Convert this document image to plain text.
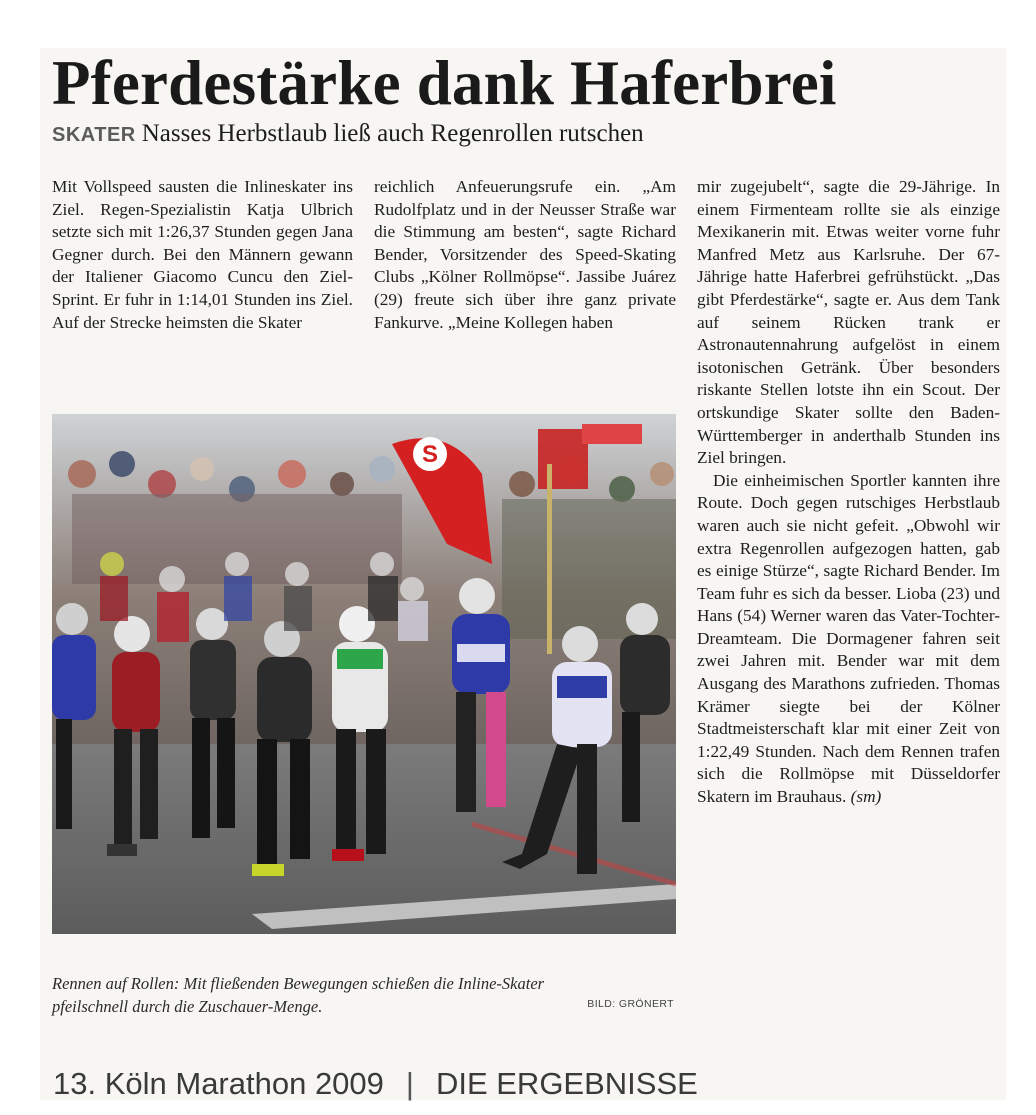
Pferdestärke dank Haferbrei
SKATER Nasses Herbstlaub ließ auch Regenrollen rutschen

Mit Vollspeed sausten die Inlineskater ins Ziel. Regen-Spezialistin Katja Ulbrich setzte sich mit 1:26,37 Stunden gegen Jana Gegner durch. Bei den Männern gewann der Italiener Giacomo Cuncu den Ziel-Sprint. Er fuhr in 1:14,01 Stunden ins Ziel. Auf der Strecke heimsten die Skater

reichlich Anfeuerungsrufe ein. „Am Rudolfplatz und in der Neusser Straße war die Stimmung am besten“, sagte Richard Bender, Vorsitzender des Speed-Skating Clubs „Kölner Rollmöpse“. Jassibe Juárez (29) freute sich über ihre ganz private Fankurve. „Meine Kollegen haben

mir zugejubelt“, sagte die 29-Jährige. In einem Firmenteam rollte sie als einzige Mexikanerin mit. Etwas weiter vorne fuhr Manfred Metz aus Karlsruhe. Der 67-Jährige hatte Haferbrei gefrühstückt. „Das gibt Pferdestärke“, sagte er. Aus dem Tank auf seinem Rücken trank er Astronautennahrung aufgelöst in einem isotonischen Getränk. Über besonders riskante Stellen lotste ihn ein Scout. Der ortskundige Skater sollte den Baden-Württemberger in anderthalb Stunden ins Ziel bringen.

Die einheimischen Sportler kannten ihre Route. Doch gegen rutschiges Herbstlaub waren auch sie nicht gefeit. „Obwohl wir extra Regenrollen aufgezogen hatten, gab es einige Stürze“, sagte Richard Bender. Im Team fuhr es sich da besser. Lioba (23) und Hans (54) Werner waren das Vater-Tochter-Dreamteam. Die Dormagener fahren seit zwei Jahren mit. Bender war mit dem Ausgang des Marathons zufrieden. Thomas Krämer siegte bei der Kölner Stadtmeisterschaft klar mit einer Zeit von 1:22,49 Stunden. Nach dem Rennen trafen sich die Rollmöpse mit Düsseldorfer Skatern im Brauhaus. (sm)

S
Rennen auf Rollen: Mit fließenden Bewegungen schießen die Inline-Skater pfeilschnell durch die Zuschauer-Menge.	BILD: GRÖNERT
13. Köln Marathon 2009 | DIE ERGEBNISSE
